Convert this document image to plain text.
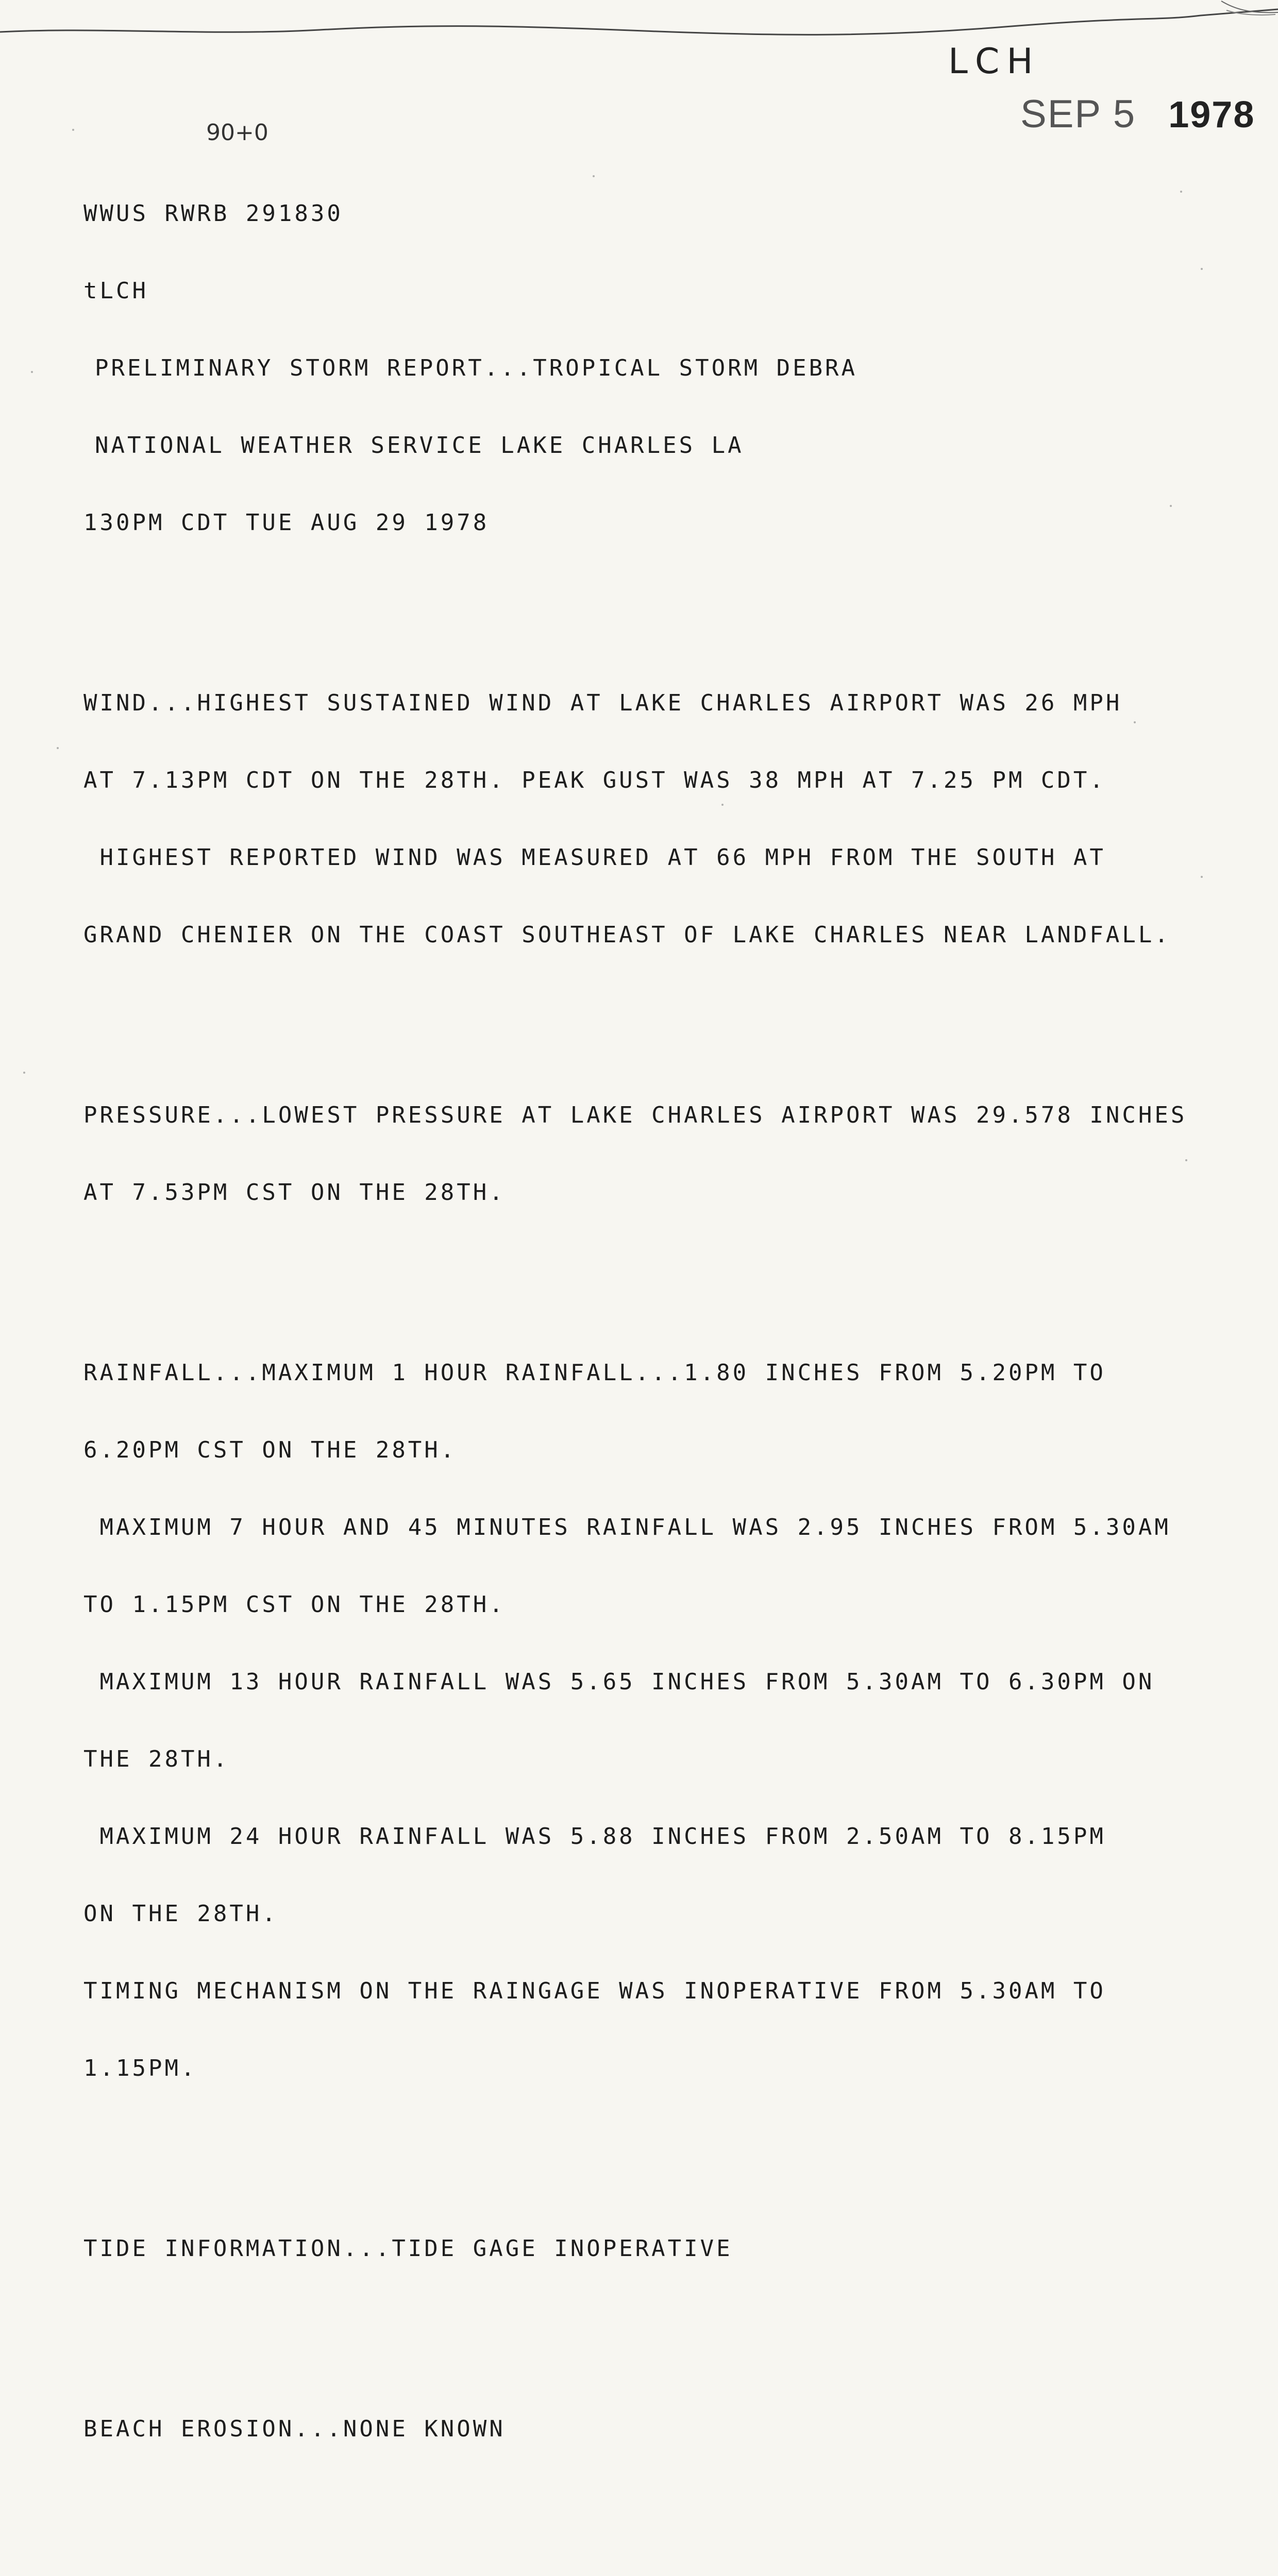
LCH
SEP 5 1978
90+0

WWUS RWRB 291830

tLCH

PRELIMINARY STORM REPORT...TROPICAL STORM DEBRA

NATIONAL WEATHER SERVICE LAKE CHARLES LA

130PM CDT TUE AUG 29 1978

WIND...HIGHEST SUSTAINED WIND AT LAKE CHARLES AIRPORT WAS 26 MPH

AT 7.13PM CDT ON THE 28TH. PEAK GUST WAS 38 MPH AT 7.25 PM CDT.

HIGHEST REPORTED WIND WAS MEASURED AT 66 MPH FROM THE SOUTH AT

GRAND CHENIER ON THE COAST SOUTHEAST OF LAKE CHARLES NEAR LANDFALL.

PRESSURE...LOWEST PRESSURE AT LAKE CHARLES AIRPORT WAS 29.578 INCHES

AT 7.53PM CST ON THE 28TH.

RAINFALL...MAXIMUM 1 HOUR RAINFALL...1.80 INCHES FROM 5.20PM TO

6.20PM CST ON THE 28TH.

MAXIMUM 7 HOUR AND 45 MINUTES RAINFALL WAS 2.95 INCHES FROM 5.30AM

TO 1.15PM CST ON THE 28TH.

MAXIMUM 13 HOUR RAINFALL WAS 5.65 INCHES FROM 5.30AM TO 6.30PM ON

THE 28TH.

MAXIMUM 24 HOUR RAINFALL WAS 5.88 INCHES FROM 2.50AM TO 8.15PM

ON THE 28TH.

TIMING MECHANISM ON THE RAINGAGE WAS INOPERATIVE FROM 5.30AM TO

1.15PM.

TIDE INFORMATION...TIDE GAGE INOPERATIVE

BEACH EROSION...NONE KNOWN
